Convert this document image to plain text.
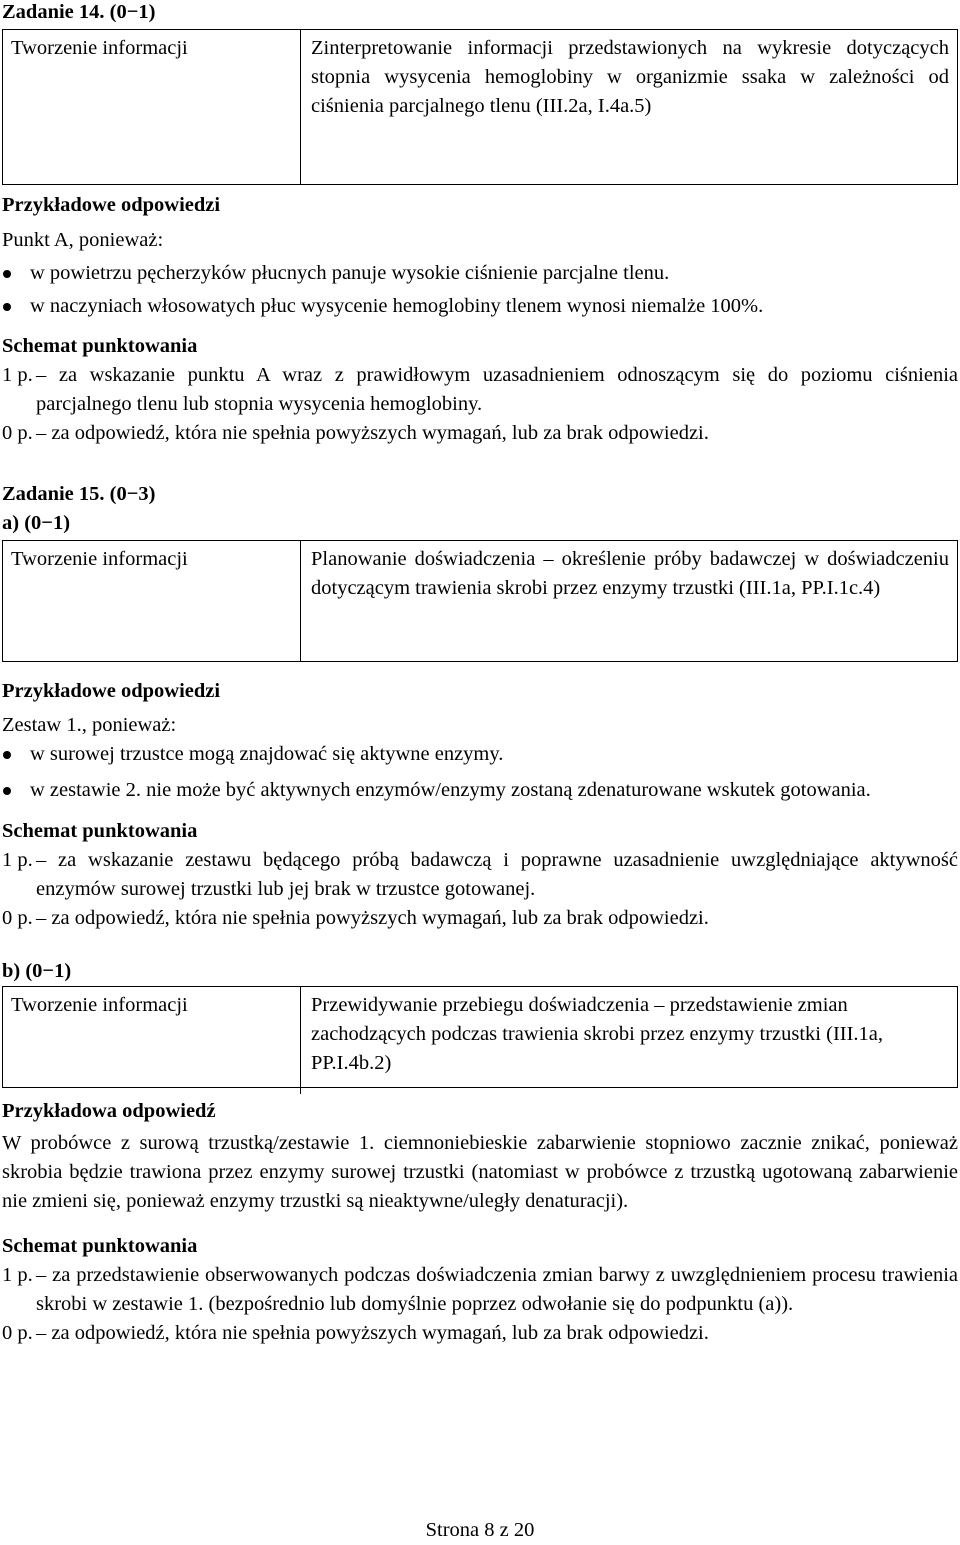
Zadanie 14. (0−1)
Tworzenie informacji	Zinterpretowanie informacji przedstawionych na wykresie dotyczących stopnia wysycenia hemoglobiny w organizmie ssaka w zależności od ciśnienia parcjalnego tlenu (III.2a, I.4a.5)
Przykładowe odpowiedzi
Punkt A, ponieważ:
w powietrzu pęcherzyków płucnych panuje wysokie ciśnienie parcjalne tlenu.
w naczyniach włosowatych płuc wysycenie hemoglobiny tlenem wynosi niemalże 100%.
Schemat punktowania
1 p. – za wskazanie punktu A wraz z prawidłowym uzasadnieniem odnoszącym się do poziomu ciśnienia parcjalnego tlenu lub stopnia wysycenia hemoglobiny.
0 p. – za odpowiedź, która nie spełnia powyższych wymagań, lub za brak odpowiedzi.
Zadanie 15. (0−3)
a) (0−1)
Tworzenie informacji	Planowanie doświadczenia – określenie próby badawczej w doświadczeniu dotyczącym trawienia skrobi przez enzymy trzustki (III.1a, PP.I.1c.4)
Przykładowe odpowiedzi
Zestaw 1., ponieważ:
w surowej trzustce mogą znajdować się aktywne enzymy.
w zestawie 2. nie może być aktywnych enzymów/enzymy zostaną zdenaturowane wskutek gotowania.
Schemat punktowania
1 p. – za wskazanie zestawu będącego próbą badawczą i poprawne uzasadnienie uwzględniające aktywność enzymów surowej trzustki lub jej brak w trzustce gotowanej.
0 p. – za odpowiedź, która nie spełnia powyższych wymagań, lub za brak odpowiedzi.
b) (0−1)
Tworzenie informacji	Przewidywanie przebiegu doświadczenia – przedstawienie zmian zachodzących podczas trawienia skrobi przez enzymy trzustki (III.1a, PP.I.4b.2)
Przykładowa odpowiedź
W probówce z surową trzustką/zestawie 1. ciemnoniebieskie zabarwienie stopniowo zacznie znikać, ponieważ skrobia będzie trawiona przez enzymy surowej trzustki (natomiast w probówce z trzustką ugotowaną zabarwienie nie zmieni się, ponieważ enzymy trzustki są nieaktywne/uległy denaturacji).
Schemat punktowania
1 p. – za przedstawienie obserwowanych podczas doświadczenia zmian barwy z uwzględnieniem procesu trawienia skrobi w zestawie 1. (bezpośrednio lub domyślnie poprzez odwołanie się do podpunktu (a)).
0 p. – za odpowiedź, która nie spełnia powyższych wymagań, lub za brak odpowiedzi.
Strona 8 z 20
